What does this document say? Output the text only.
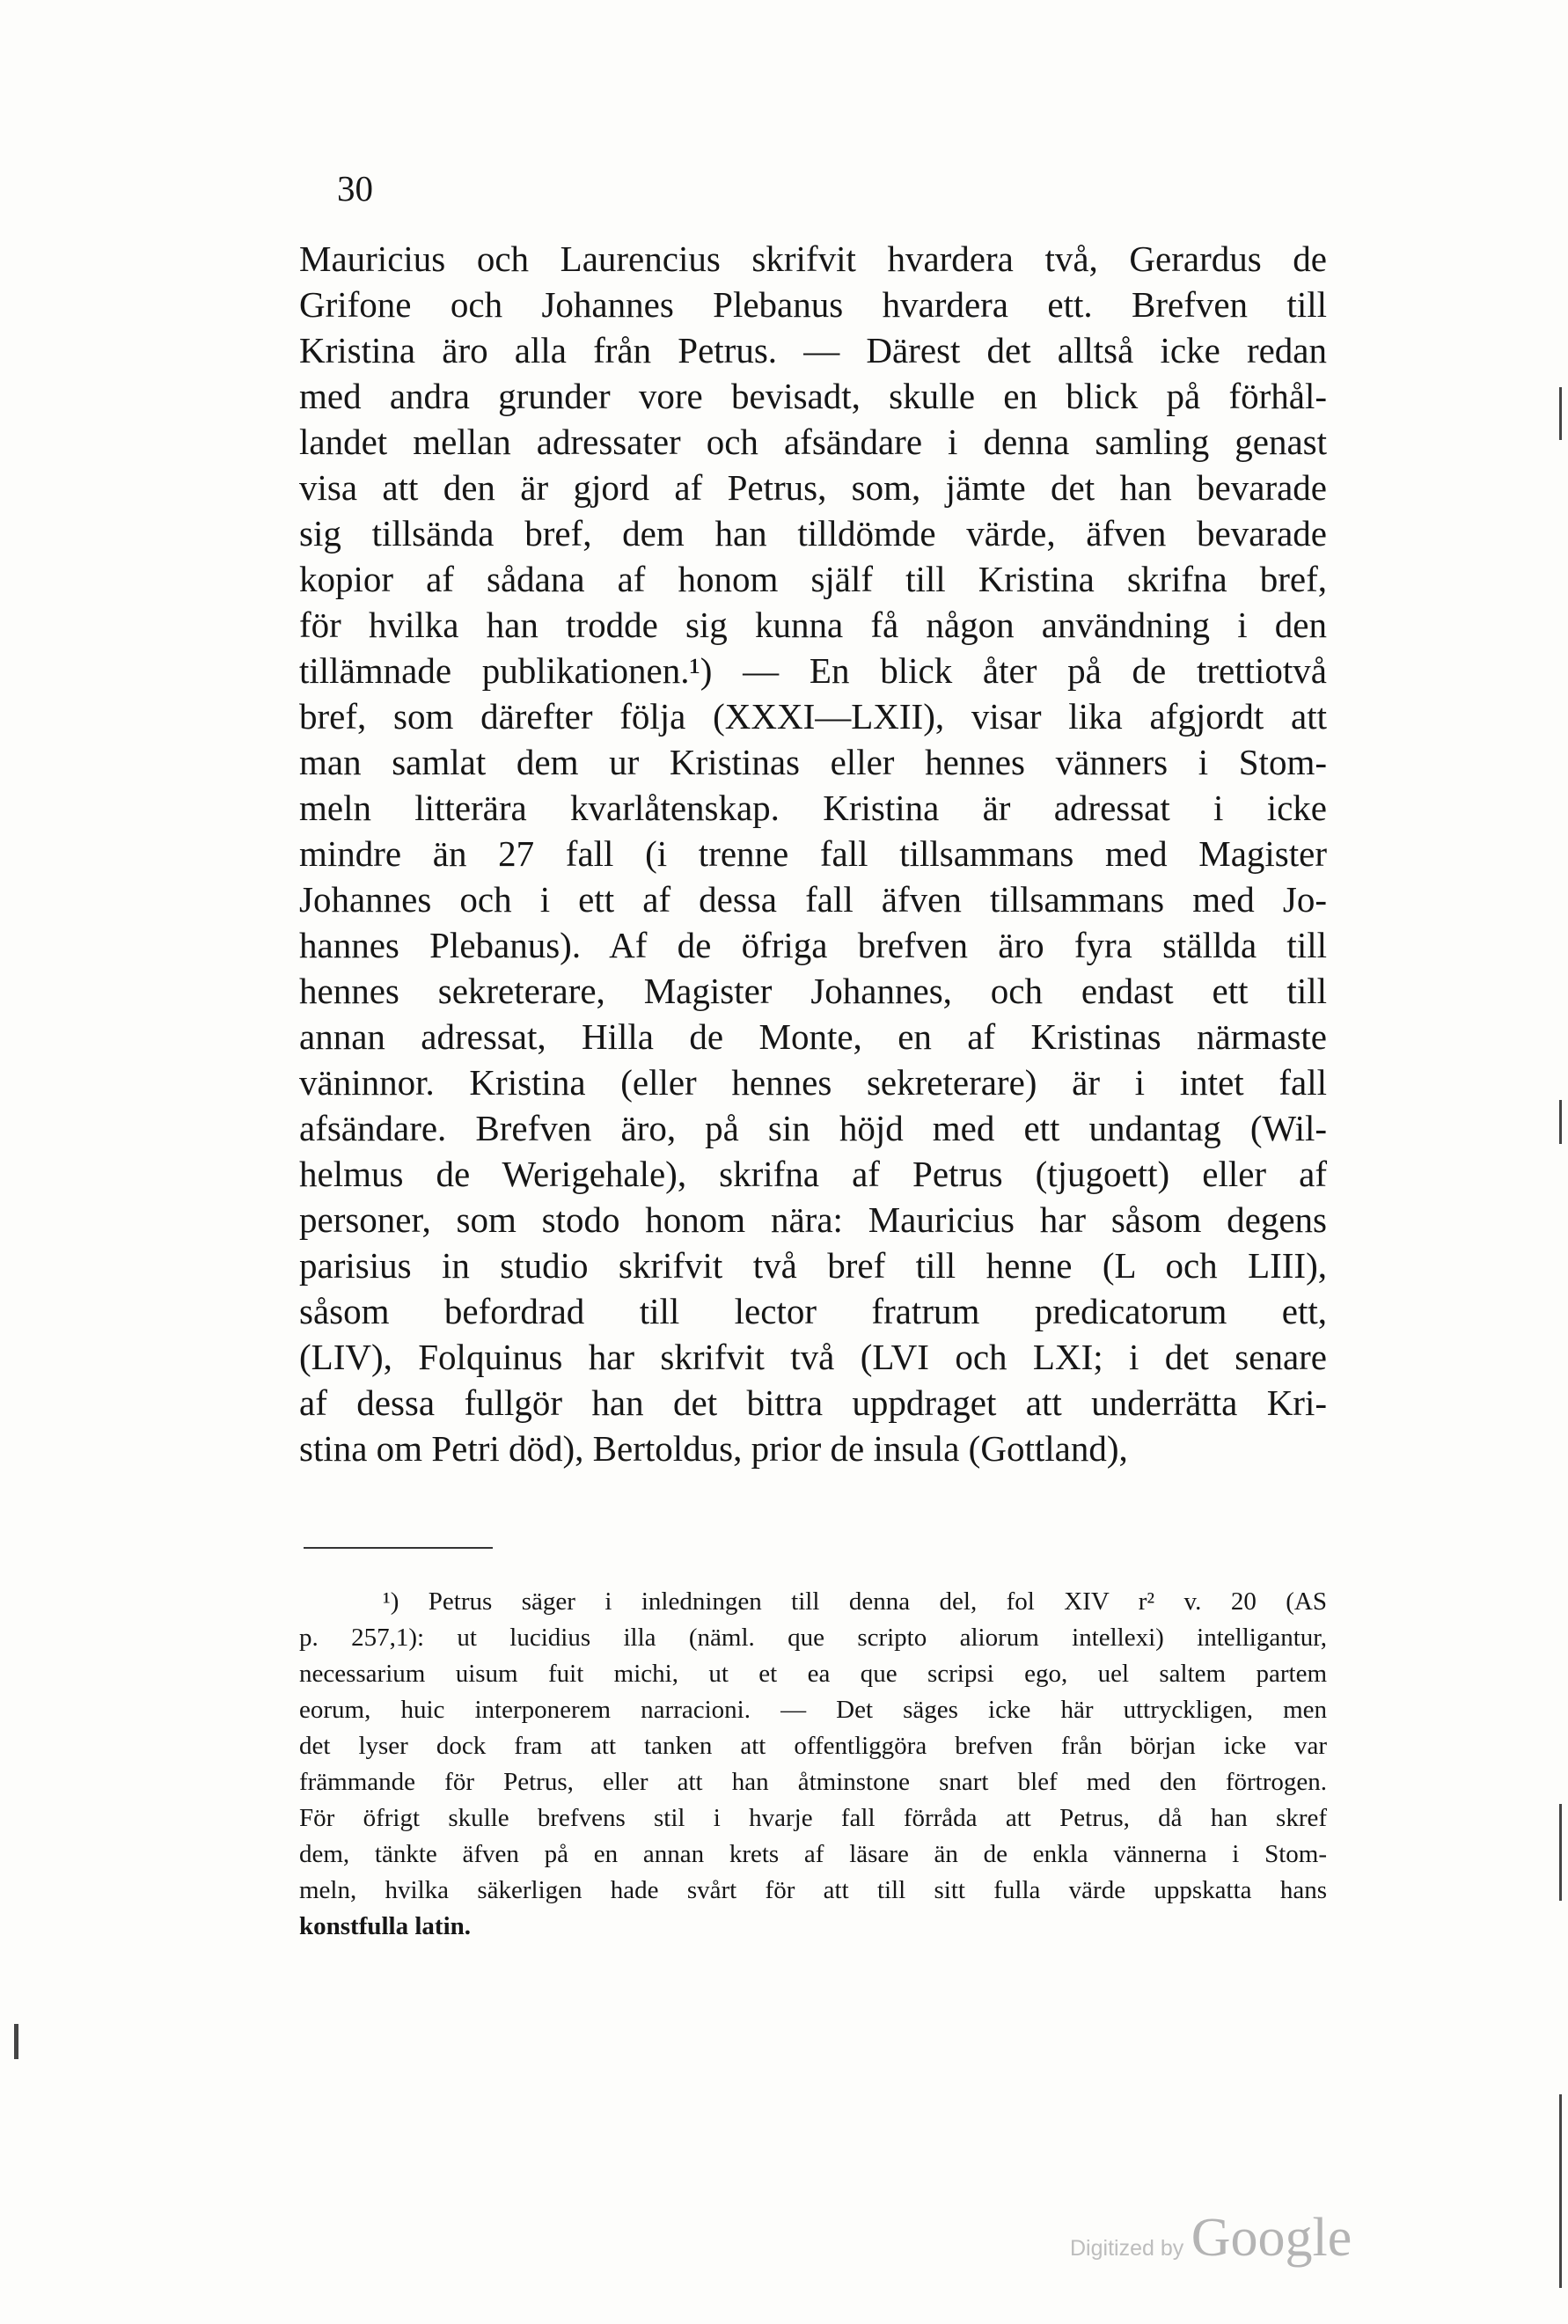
30
Mauricius och Laurencius skrifvit hvardera två, Gerardus de
Grifone och Johannes Plebanus hvardera ett. Brefven till
Kristina äro alla från Petrus. — Därest det alltså icke redan
med andra grunder vore bevisadt, skulle en blick på förhål-
landet mellan adressater och afsändare i denna samling genast
visa att den är gjord af Petrus, som, jämte det han bevarade
sig tillsända bref, dem han tilldömde värde, äfven bevarade
kopior af sådana af honom själf till Kristina skrifna bref,
för hvilka han trodde sig kunna få någon användning i den
tillämnade publikationen.¹) — En blick åter på de trettiotvå
bref, som därefter följa (XXXI—LXII), visar lika afgjordt att
man samlat dem ur Kristinas eller hennes vänners i Stom-
meln litterära kvarlåtenskap. Kristina är adressat i icke
mindre än 27 fall (i trenne fall tillsammans med Magister
Johannes och i ett af dessa fall äfven tillsammans med Jo-
hannes Plebanus). Af de öfriga brefven äro fyra ställda till
hennes sekreterare, Magister Johannes, och endast ett till
annan adressat, Hilla de Monte, en af Kristinas närmaste
väninnor. Kristina (eller hennes sekreterare) är i intet fall
afsändare. Brefven äro, på sin höjd med ett undantag (Wil-
helmus de Werigehale), skrifna af Petrus (tjugoett) eller af
personer, som stodo honom nära: Mauricius har såsom degens
parisius in studio skrifvit två bref till henne (L och LIII),
såsom befordrad till lector fratrum predicatorum ett,
(LIV), Folquinus har skrifvit två (LVI och LXI; i det senare
af dessa fullgör han det bittra uppdraget att underrätta Kri-
stina om Petri död), Bertoldus, prior de insula (Gottland),
¹) Petrus säger i inledningen till denna del, fol XIV r² v. 20 (AS
p. 257,1): ut lucidius illa (näml. que scripto aliorum intellexi) intelligantur,
necessarium uisum fuit michi, ut et ea que scripsi ego, uel saltem partem
eorum, huic interponerem narracioni. — Det säges icke här uttryckligen, men
det lyser dock fram att tanken att offentliggöra brefven från början icke var
främmande för Petrus, eller att han åtminstone snart blef med den förtrogen.
För öfrigt skulle brefvens stil i hvarje fall förråda att Petrus, då han skref
dem, tänkte äfven på en annan krets af läsare än de enkla vännerna i Stom-
meln, hvilka säkerligen hade svårt för att till sitt fulla värde uppskatta hans
konstfulla latin.
Digitized by Google
